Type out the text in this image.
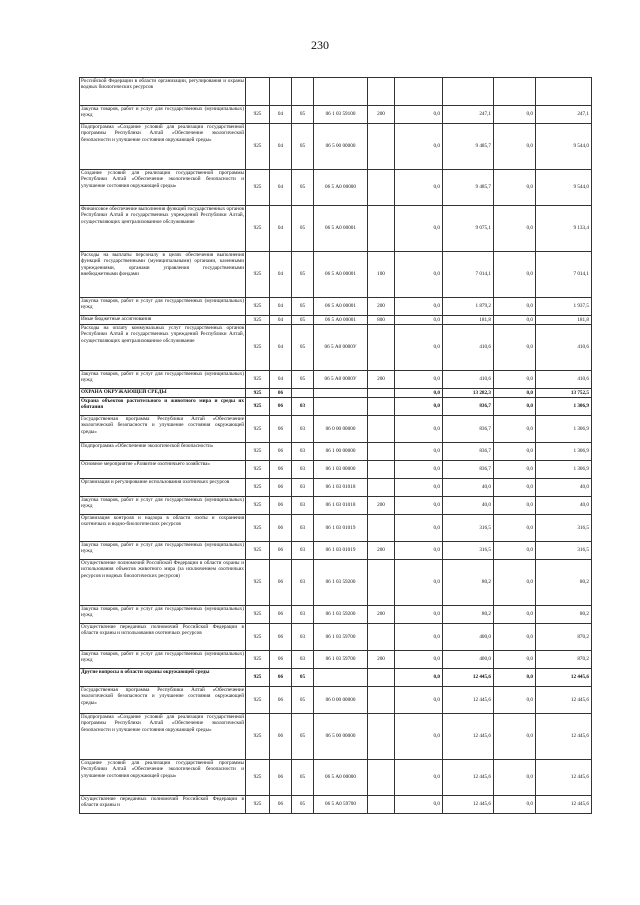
230
Российской Федерации в области организации, регулирования и охраны водных биологических ресурсов									
Закупка товаров, работ и услуг для государственных (муниципальных) нужд	925	04	05	06 1 03 59100	200	0,0	247,1	0,0	247,1
Подпрограмма «Создание условий для реализации государственной программы Республики Алтай «Обеспечение экологической безопасности и улучшение состояния окружающей среды»	925	04	05	06 5 00 00000		0,0	9 485,7	0,0	9 544,0
Создание условий для реализации государственной программы Республики Алтай «Обеспечение экологической безопасности и улучшение состояния окружающей среды»	925	04	05	06 5 А0 00000		0,0	9 485,7	0,0	9 544,0
Финансовое обеспечение выполнения функций государственных органов Республики Алтай и государственных учреждений Республики Алтай, осуществляющих централизованное обслуживание	925	04	05	06 5 А0 00001		0,0	9 075,1	0,0	9 133,4
Расходы на выплаты персоналу в целях обеспечения выполнения функций государственными (муниципальными) органами, казенными учреждениями, органами управления государственными внебюджетными фондами	925	04	05	06 5 А0 00001	100	0,0	7 014,1	0,0	7 014,1
Закупка товаров, работ и услуг для государственных (муниципальных) нужд	925	04	05	06 5 А0 00001	200	0,0	1 879,2	0,0	1 937,5
Иные бюджетные ассигнования	925	04	05	06 5 А0 00001	800	0,0	181,8	0,0	181,8
Расходы на оплату коммунальных услуг государственных органов Республики Алтай и государственных учреждений Республики Алтай, осуществляющих централизованное обслуживание	925	04	05	06 5 А0 0000У		0,0	410,6	0,0	410,6
Закупка товаров, работ и услуг для государственных (муниципальных) нужд	925	04	05	06 5 А0 0000У	200	0,0	410,6	0,0	410,6
ОХРАНА ОКРУЖАЮЩЕЙ СРЕДЫ	925	06				0,0	13 282,3	0,0	13 752,5
Охрана объектов растительного и животного мира и среды их обитания	925	06	03			0,0	836,7	0,0	1 306,9
Государственная программа Республики Алтай «Обеспечение экологической безопасности и улучшение состояния окружающей среды»	925	06	03	06 0 00 00000		0,0	836,7	0,0	1 306,9
Подпрограмма «Обеспечение экологической безопасности»	925	06	03	06 1 00 00000		0,0	836,7	0,0	1 306,9
Основное мероприятие «Развитие охотничьего хозяйства»	925	06	03	06 1 03 00000		0,0	836,7	0,0	1 306,9
Организация и регулирование использования охотничьих ресурсов	925	06	03	06 1 03 01018		0,0	40,0	0,0	40,0
Закупка товаров, работ и услуг для государственных (муниципальных) нужд	925	06	03	06 1 03 01018	200	0,0	40,0	0,0	40,0
Организация контроля и надзора в области охоты и сохранения охотничьих и водно-биологических ресурсов	925	06	03	06 1 03 01019		0,0	316,5	0,0	316,5
Закупка товаров, работ и услуг для государственных (муниципальных) нужд	925	06	03	06 1 03 01019	200	0,0	316,5	0,0	316,5
Осуществление полномочий Российской Федерации в области охраны и использования объектов животного мира (за исключением охотничьих ресурсов и водных биологических ресурсов)	925	06	03	06 1 03 59200		0,0	80,2	0,0	80,2
Закупка товаров, работ и услуг для государственных (муниципальных) нужд	925	06	03	06 1 03 59200	200	0,0	80,2	0,0	80,2
Осуществление переданных полномочий Российской Федерации в области охраны и использования охотничьих ресурсов	925	06	03	06 1 03 59700		0,0	400,0	0,0	870,2
Закупка товаров, работ и услуг для государственных (муниципальных) нужд	925	06	03	06 1 03 59700	200	0,0	400,0	0,0	870,2
Другие вопросы в области охраны окружающей среды	925	06	05			0,0	12 445,6	0,0	12 445,6
Государственная программа Республики Алтай «Обеспечение экологической безопасности и улучшение состояния окружающей среды»	925	06	05	06 0 00 00000		0,0	12 445,6	0,0	12 445,6
Подпрограмма «Создание условий для реализации государственной программы Республики Алтай «Обеспечение экологической безопасности и улучшение состояния окружающей среды»	925	06	05	06 5 00 00000		0,0	12 445,6	0,0	12 445,6
Создание условий для реализации государственной программы Республики Алтай «Обеспечение экологической безопасности и улучшение состояния окружающей среды»	925	06	05	06 5 А0 00000		0,0	12 445,6	0,0	12 445,6
Осуществление переданных полномочий Российской Федерации в области охраны и	925	06	05	06 5 А0 59700		0,0	12 445,6	0,0	12 445,6
